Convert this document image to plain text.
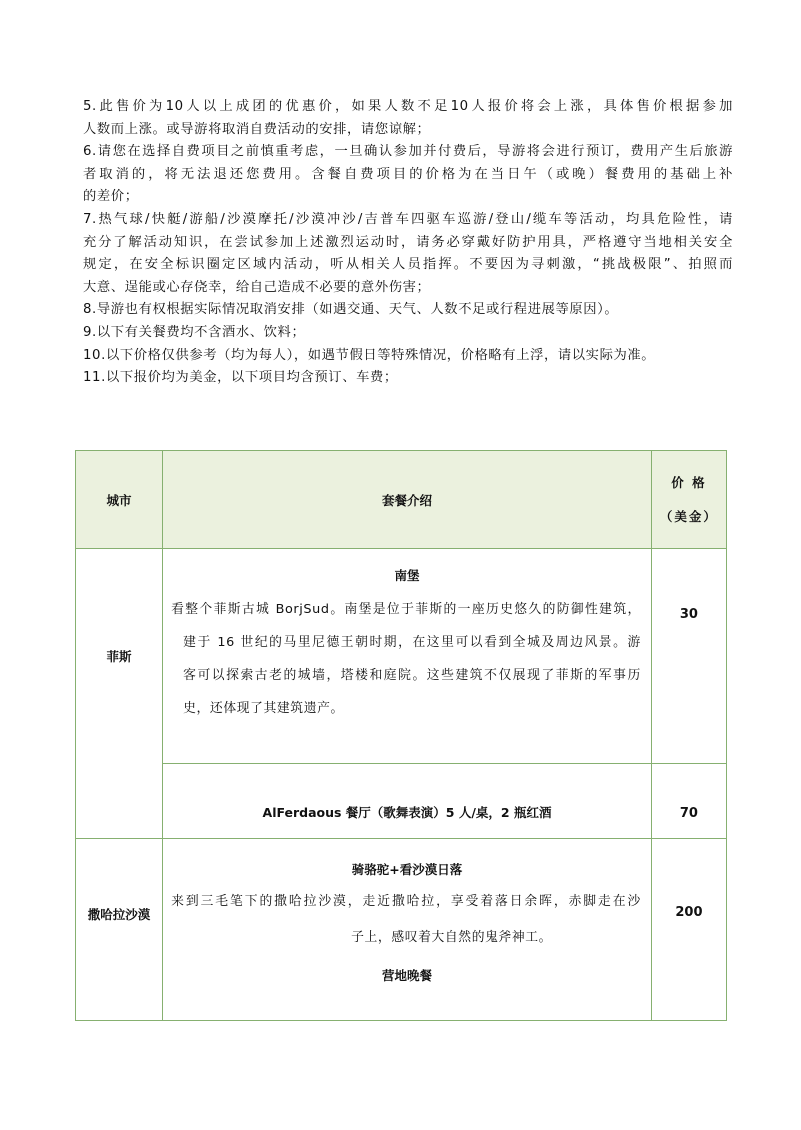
5.此售价为10人以上成团的优惠价，如果人数不足10人报价将会上涨，具体售价根据参加
人数而上涨。或导游将取消自费活动的安排，请您谅解；
6.请您在选择自费项目之前慎重考虑，一旦确认参加并付费后，导游将会进行预订，费用产生后旅游
者取消的，将无法退还您费用。含餐自费项目的价格为在当日午（或晚）餐费用的基础上补
的差价；
7.热气球/快艇/游船/沙漠摩托/沙漠冲沙/吉普车四驱车巡游/登山/缆车等活动，均具危险性，请
充分了解活动知识，在尝试参加上述激烈运动时，请务必穿戴好防护用具，严格遵守当地相关安全
规定，在安全标识圈定区域内活动，听从相关人员指挥。不要因为寻刺激，“挑战极限”、拍照而
大意、逞能或心存侥幸，给自己造成不必要的意外伤害；
8.导游也有权根据实际情况取消安排（如遇交通、天气、人数不足或行程进展等原因）。
9.以下有关餐费均不含酒水、饮料；
10.以下价格仅供参考（均为每人），如遇节假日等特殊情况，价格略有上浮，请以实际为准。
11.以下报价均为美金，以下项目均含预订、车费；
城市	套餐介绍	价 格
（美金）

菲斯	南堡
看整个菲斯古城 BorjSud。南堡是位于菲斯的一座历史悠久的防御性建筑，
建于 16 世纪的马里尼德王朝时期，在这里可以看到全城及周边风景。游
客可以探索古老的城墙，塔楼和庭院。这些建筑不仅展现了菲斯的军事历
史，还体现了其建筑遗产。	30
	AlFerdaous 餐厅（歌舞表演）5 人/桌，2 瓶红酒	70
撒哈拉沙漠	骑骆驼+看沙漠日落
来到三毛笔下的撒哈拉沙漠，走近撒哈拉，享受着落日余晖，赤脚走在沙
子上，感叹着大自然的鬼斧神工。
营地晚餐	200
